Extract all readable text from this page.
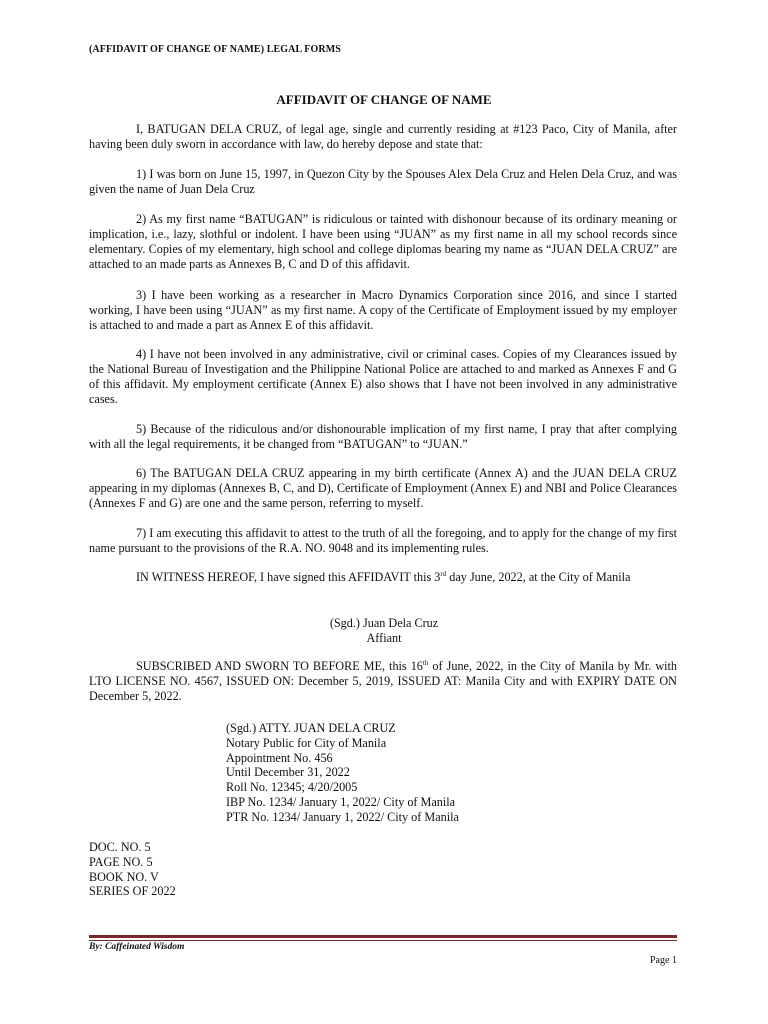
(AFFIDAVIT OF CHANGE OF NAME) LEGAL FORMS
AFFIDAVIT OF CHANGE OF NAME

I, BATUGAN DELA CRUZ, of legal age, single and currently residing at #123 Paco, City of Manila, after having been duly sworn in accordance with law, do hereby depose and state that:

1) I was born on June 15, 1997, in Quezon City by the Spouses Alex Dela Cruz and Helen Dela Cruz, and was given the name of Juan Dela Cruz

2) As my first name “BATUGAN” is ridiculous or tainted with dishonour because of its ordinary meaning or implication, i.e., lazy, slothful or indolent. I have been using “JUAN” as my first name in all my school records since elementary. Copies of my elementary, high school and college diplomas bearing my name as “JUAN DELA CRUZ” are attached to an made parts as Annexes B, C and D of this affidavit.

3) I have been working as a researcher in Macro Dynamics Corporation since 2016, and since I started working, I have been using “JUAN” as my first name. A copy of the Certificate of Employment issued by my employer is attached to and made a part as Annex E of this affidavit.

4) I have not been involved in any administrative, civil or criminal cases. Copies of my Clearances issued by the National Bureau of Investigation and the Philippine National Police are attached to and marked as Annexes F and G of this affidavit. My employment certificate (Annex E) also shows that I have not been involved in any administrative cases.

5) Because of the ridiculous and/or dishonourable implication of my first name, I pray that after complying with all the legal requirements, it be changed from “BATUGAN” to “JUAN.”

6) The BATUGAN DELA CRUZ appearing in my birth certificate (Annex A) and the JUAN DELA CRUZ appearing in my diplomas (Annexes B, C, and D), Certificate of Employment (Annex E) and NBI and Police Clearances (Annexes F and G) are one and the same person, referring to myself.

7) I am executing this affidavit to attest to the truth of all the foregoing, and to apply for the change of my first name pursuant to the provisions of the R.A. NO. 9048 and its implementing rules.

IN WITNESS HEREOF, I have signed this AFFIDAVIT this 3rd day June, 2022, at the City of Manila

(Sgd.) Juan Dela Cruz
Affiant

SUBSCRIBED AND SWORN TO BEFORE ME, this 16th of June, 2022, in the City of Manila by Mr. with LTO LICENSE NO. 4567, ISSUED ON: December 5, 2019, ISSUED AT: Manila City and with EXPIRY DATE ON December 5, 2022.

(Sgd.) ATTY. JUAN DELA CRUZ
Notary Public for City of Manila
Appointment No. 456
Until December 31, 2022
Roll No. 12345; 4/20/2005
IBP No. 1234/ January 1, 2022/ City of Manila
PTR No. 1234/ January 1, 2022/ City of Manila
DOC. NO. 5
PAGE NO. 5
BOOK NO. V
SERIES OF 2022
By: Caffeinated Wisdom
Page 1
